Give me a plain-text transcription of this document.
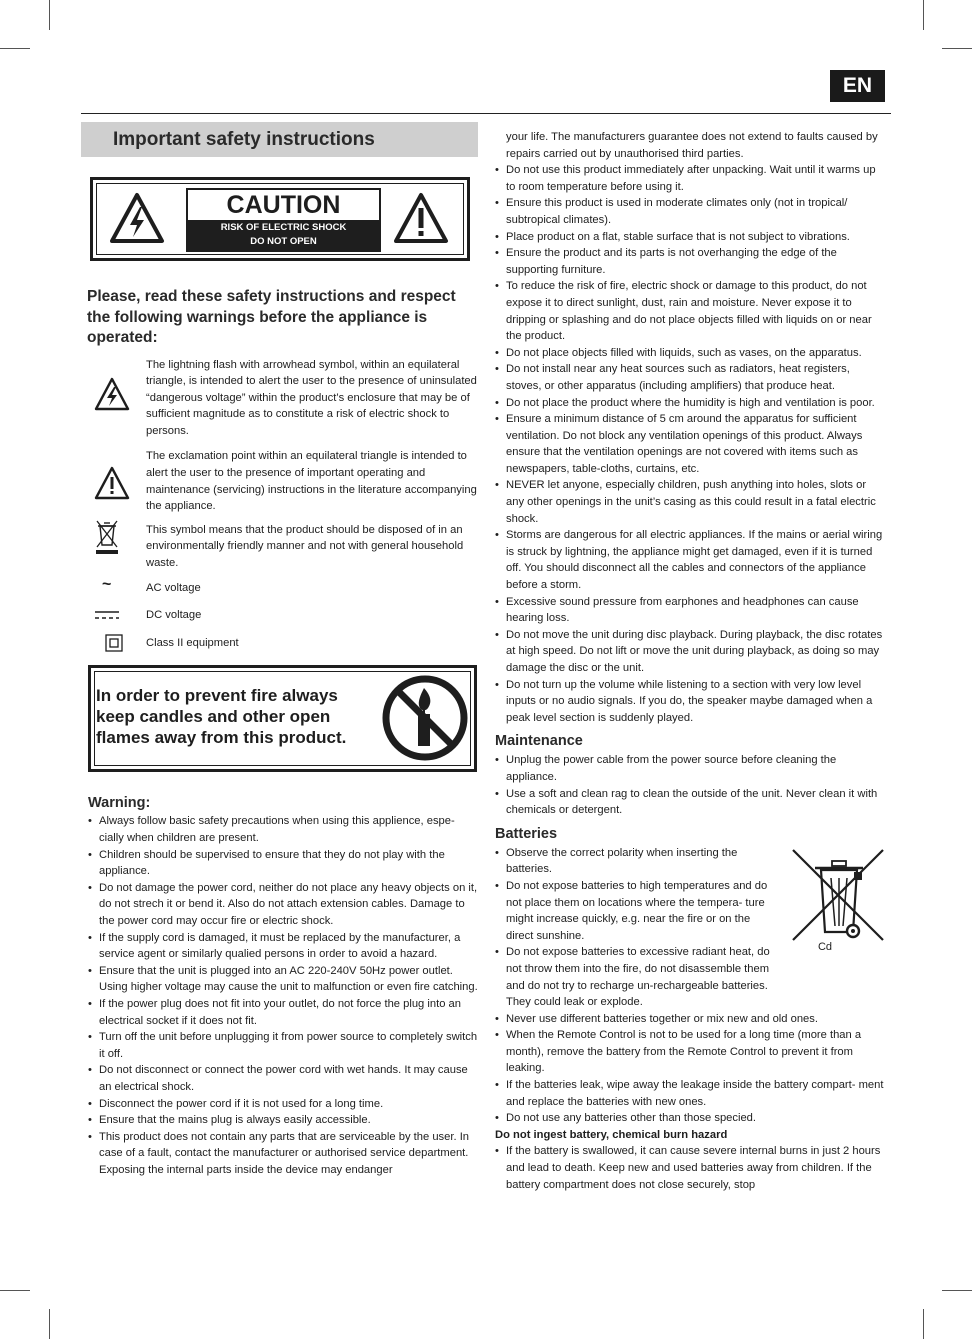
EN
Important safety instructions
CAUTION
RISK OF ELECTRIC SHOCK
DO NOT OPEN
Please, read these safety instructions and respect the following warnings before the appliance is operated:
The lightning flash with arrowhead symbol, within an equilateral triangle, is intended to alert the user to the presence of uninsulated “dangerous voltage” within the product’s enclosure that may be of sufficient magnitude as to constitute a risk of electric shock to persons.
The exclamation point within an equilateral triangle is intended to alert the user to the presence of important operating and maintenance (servicing) instructions in the literature accompanying the appliance.
This symbol means that the product should be disposed of in an environmentally friendly manner and not with general household waste.
~	AC voltage
DC voltage
Class II equipment
In order to prevent fire always keep candles and other open flames away from this product.
Warning:
• Always follow basic safety precautions when using this applience, espe- cially when children are present.
• Children should be supervised to ensure that they do not play with the appliance.
• Do not damage the power cord, neither do not place any heavy objects on it, do not strech it or bend it. Also do not attach extension cables. Damage to the power cord may occur fire or electric shock.
• If the supply cord is damaged, it must be replaced by the manufacturer, a service agent or similarly qualied persons in order to avoid a hazard.
• Ensure that the unit is plugged into an AC 220-240V 50Hz power outlet. Using higher voltage may cause the unit to malfunction or even fire catching.
• If the power plug does not fit into your outlet, do not force the plug into an electrical socket if it does not fit.
• Turn off the unit before unplugging it from power source to completely switch it off.
• Do not disconnect or connect the power cord with wet hands. It may cause an electrical shock.
• Disconnect the power cord if it is not used for a long time.
• Ensure that the mains plug is always easily accessible.
• This product does not contain any parts that are serviceable by the user. In case of a fault, contact the manufacturer or authorised service department. Exposing the internal parts inside the device may endanger
your life. The manufacturers guarantee does not extend to faults caused by repairs carried out by unauthorised third parties.
• Do not use this product immediately after unpacking. Wait until it warms up to room temperature before using it.
• Ensure this product is used in moderate climates only (not in tropical/ subtropical climates).
• Place product on a flat, stable surface that is not subject to vibrations.
• Ensure the product and its parts is not overhanging the edge of the supporting furniture.
• To reduce the risk of fire, electric shock or damage to this product, do not expose it to direct sunlight, dust, rain and moisture. Never expose it to dripping or splashing and do not place objects filled with liquids on or near the product.
• Do not place objects filled with liquids, such as vases, on the apparatus.
• Do not install near any heat sources such as radiators, heat registers, stoves, or other apparatus (including amplifiers) that produce heat.
• Do not place the product where the humidity is high and ventilation is poor.
• Ensure a minimum distance of 5 cm around the apparatus for sufficient ventilation. Do not block any ventilation openings of this product. Always ensure that the ventilation openings are not covered with items such as newspapers, table-cloths, curtains, etc.
• NEVER let anyone, especially children, push anything into holes, slots or any other openings in the unit’s casing as this could result in a fatal electric shock.
• Storms are dangerous for all electric appliances. If the mains or aerial wiring is struck by lightning, the appliance might get damaged, even if it is turned off. You should disconnect all the cables and connectors of the appliance before a storm.
• Excessive sound pressure from earphones and headphones can cause hearing loss.
• Do not move the unit during disc playback. During playback, the disc rotates at high speed. Do not lift or move the unit during playback, as doing so may damage the disc or the unit.
• Do not turn up the volume while listening to a section with very low level inputs or no audio signals. If you do, the speaker maybe damaged when a peak level section is suddenly played.
Maintenance
• Unplug the power cable from the power source before cleaning the appliance.
• Use a soft and clean rag to clean the outside of the unit. Never clean it with chemicals or detergent.
Batteries
• Observe the correct polarity when inserting the batteries.
• Do not expose batteries to high temperatures and do not place them on locations where the tempera- ture might increase quickly, e.g. near the fire or on the direct sunshine.
• Do not expose batteries to excessive radiant heat, do not throw them into the fire, do not disassemble them and do not try to recharge un-rechargeable batteries. They could leak or explode.
• Never use different batteries together or mix new and old ones.
• When the Remote Control is not to be used for a long time (more than a month), remove the battery from the Remote Control to prevent it from leaking.
• If the batteries leak, wipe away the leakage inside the battery compart- ment and replace the batteries with new ones.
• Do not use any batteries other than those specied.
Do not ingest battery, chemical burn hazard
• If the battery is swallowed, it can cause severe internal burns in just 2 hours and lead to death. Keep new and used batteries away from children. If the battery compartment does not close securely, stop
Cd
